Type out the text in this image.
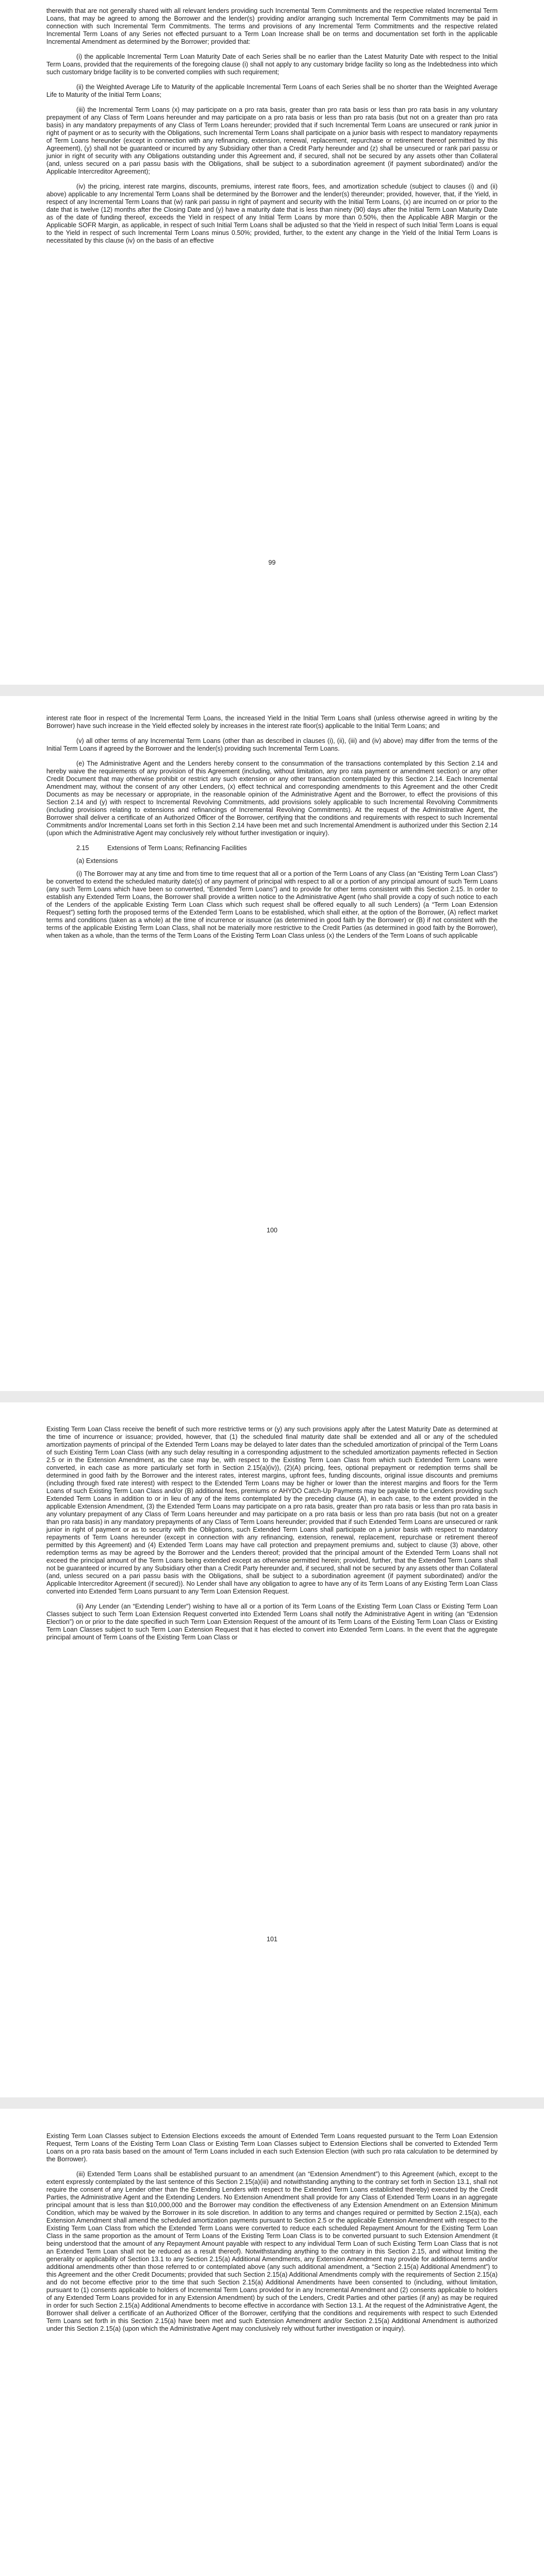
therewith that are not generally shared with all relevant lenders providing such Incremental Term Commitments and the respective related Incremental Term Loans, that may be agreed to among the Borrower and the lender(s) providing and/or arranging such Incremental Term Commitments may be paid in connection with such Incremental Term Commitments. The terms and provisions of any Incremental Term Commitments and the respective related Incremental Term Loans of any Series not effected pursuant to a Term Loan Increase shall be on terms and documentation set forth in the applicable Incremental Amendment as determined by the Borrower; provided that:

(i) the applicable Incremental Term Loan Maturity Date of each Series shall be no earlier than the Latest Maturity Date with respect to the Initial Term Loans, provided that the requirements of the foregoing clause (i) shall not apply to any customary bridge facility so long as the Indebtedness into which such customary bridge facility is to be converted complies with such requirement;

(ii) the Weighted Average Life to Maturity of the applicable Incremental Term Loans of each Series shall be no shorter than the Weighted Average Life to Maturity of the Initial Term Loans;

(iii) the Incremental Term Loans (x) may participate on a pro rata basis, greater than pro rata basis or less than pro rata basis in any voluntary prepayment of any Class of Term Loans hereunder and may participate on a pro rata basis or less than pro rata basis (but not on a greater than pro rata basis) in any mandatory prepayments of any Class of Term Loans hereunder; provided that if such Incremental Term Loans are unsecured or rank junior in right of payment or as to security with the Obligations, such Incremental Term Loans shall participate on a junior basis with respect to mandatory repayments of Term Loans hereunder (except in connection with any refinancing, extension, renewal, replacement, repurchase or retirement thereof permitted by this Agreement), (y) shall not be guaranteed or incurred by any Subsidiary other than a Credit Party hereunder and (z) shall be unsecured or rank pari passu or junior in right of security with any Obligations outstanding under this Agreement and, if secured, shall not be secured by any assets other than Collateral (and, unless secured on a pari passu basis with the Obligations, shall be subject to a subordination agreement (if payment subordinated) and/or the Applicable Intercreditor Agreement);

(iv) the pricing, interest rate margins, discounts, premiums, interest rate floors, fees, and amortization schedule (subject to clauses (i) and (ii) above) applicable to any Incremental Term Loans shall be determined by the Borrower and the lender(s) thereunder; provided, however, that, if the Yield, in respect of any Incremental Term Loans that (w) rank pari passu in right of payment and security with the Initial Term Loans, (x) are incurred on or prior to the date that is twelve (12) months after the Closing Date and (y) have a maturity date that is less than ninety (90) days after the Initial Term Loan Maturity Date as of the date of funding thereof, exceeds the Yield in respect of any Initial Term Loans by more than 0.50%, then the Applicable ABR Margin or the Applicable SOFR Margin, as applicable, in respect of such Initial Term Loans shall be adjusted so that the Yield in respect of such Initial Term Loans is equal to the Yield in respect of such Incremental Term Loans minus 0.50%; provided, further, to the extent any change in the Yield of the Initial Term Loans is necessitated by this clause (iv) on the basis of an effective

99

interest rate floor in respect of the Incremental Term Loans, the increased Yield in the Initial Term Loans shall (unless otherwise agreed in writing by the Borrower) have such increase in the Yield effected solely by increases in the interest rate floor(s) applicable to the Initial Term Loans; and

(v) all other terms of any Incremental Term Loans (other than as described in clauses (i), (ii), (iii) and (iv) above) may differ from the terms of the Initial Term Loans if agreed by the Borrower and the lender(s) providing such Incremental Term Loans.

(e) The Administrative Agent and the Lenders hereby consent to the consummation of the transactions contemplated by this Section 2.14 and hereby waive the requirements of any provision of this Agreement (including, without limitation, any pro rata payment or amendment section) or any other Credit Document that may otherwise prohibit or restrict any such extension or any other transaction contemplated by this Section 2.14. Each Incremental Amendment may, without the consent of any other Lenders, (x) effect technical and corresponding amendments to this Agreement and the other Credit Documents as may be necessary or appropriate, in the reasonable opinion of the Administrative Agent and the Borrower, to effect the provisions of this Section 2.14 and (y) with respect to Incremental Revolving Commitments, add provisions solely applicable to such Incremental Revolving Commitments (including provisions relating to extensions and refinancings of Incremental Revolving Commitments). At the request of the Administrative Agent, the Borrower shall deliver a certificate of an Authorized Officer of the Borrower, certifying that the conditions and requirements with respect to such Incremental Commitments and/or Incremental Loans set forth in this Section 2.14 have been met and such Incremental Amendment is authorized under this Section 2.14 (upon which the Administrative Agent may conclusively rely without further investigation or inquiry).

2.15	Extensions of Term Loans; Refinancing Facilities

(a) Extensions

(i) The Borrower may at any time and from time to time request that all or a portion of the Term Loans of any Class (an “Existing Term Loan Class”) be converted to extend the scheduled maturity date(s) of any payment of principal with respect to all or a portion of any principal amount of such Term Loans (any such Term Loans which have been so converted, “Extended Term Loans”) and to provide for other terms consistent with this Section 2.15. In order to establish any Extended Term Loans, the Borrower shall provide a written notice to the Administrative Agent (who shall provide a copy of such notice to each of the Lenders of the applicable Existing Term Loan Class which such request shall be offered equally to all such Lenders) (a “Term Loan Extension Request”) setting forth the proposed terms of the Extended Term Loans to be established, which shall either, at the option of the Borrower, (A) reflect market terms and conditions (taken as a whole) at the time of incurrence or issuance (as determined in good faith by the Borrower) or (B) if not consistent with the terms of the applicable Existing Term Loan Class, shall not be materially more restrictive to the Credit Parties (as determined in good faith by the Borrower), when taken as a whole, than the terms of the Term Loans of the Existing Term Loan Class unless (x) the Lenders of the Term Loans of such applicable

100

Existing Term Loan Class receive the benefit of such more restrictive terms or (y) any such provisions apply after the Latest Maturity Date as determined at the time of incurrence or issuance; provided, however, that (1) the scheduled final maturity date shall be extended and all or any of the scheduled amortization payments of principal of the Extended Term Loans may be delayed to later dates than the scheduled amortization of principal of the Term Loans of such Existing Term Loan Class (with any such delay resulting in a corresponding adjustment to the scheduled amortization payments reflected in Section 2.5 or in the Extension Amendment, as the case may be, with respect to the Existing Term Loan Class from which such Extended Term Loans were converted, in each case as more particularly set forth in Section 2.15(a)(iv)), (2)(A) pricing, fees, optional prepayment or redemption terms shall be determined in good faith by the Borrower and the interest rates, interest margins, upfront fees, funding discounts, original issue discounts and premiums (including through fixed rate interest) with respect to the Extended Term Loans may be higher or lower than the interest margins and floors for the Term Loans of such Existing Term Loan Class and/or (B) additional fees, premiums or AHYDO Catch-Up Payments may be payable to the Lenders providing such Extended Term Loans in addition to or in lieu of any of the items contemplated by the preceding clause (A), in each case, to the extent provided in the applicable Extension Amendment, (3) the Extended Term Loans may participate on a pro rata basis, greater than pro rata basis or less than pro rata basis in any voluntary prepayment of any Class of Term Loans hereunder and may participate on a pro rata basis or less than pro rata basis (but not on a greater than pro rata basis) in any mandatory prepayments of any Class of Term Loans hereunder; provided that if such Extended Term Loans are unsecured or rank junior in right of payment or as to security with the Obligations, such Extended Term Loans shall participate on a junior basis with respect to mandatory repayments of Term Loans hereunder (except in connection with any refinancing, extension, renewal, replacement, repurchase or retirement thereof permitted by this Agreement) and (4) Extended Term Loans may have call protection and prepayment premiums and, subject to clause (3) above, other redemption terms as may be agreed by the Borrower and the Lenders thereof; provided that the principal amount of the Extended Term Loans shall not exceed the principal amount of the Term Loans being extended except as otherwise permitted herein; provided, further, that the Extended Term Loans shall not be guaranteed or incurred by any Subsidiary other than a Credit Party hereunder and, if secured, shall not be secured by any assets other than Collateral (and, unless secured on a pari passu basis with the Obligations, shall be subject to a subordination agreement (if payment subordinated) and/or the Applicable Intercreditor Agreement (if secured)). No Lender shall have any obligation to agree to have any of its Term Loans of any Existing Term Loan Class converted into Extended Term Loans pursuant to any Term Loan Extension Request.

(ii) Any Lender (an “Extending Lender”) wishing to have all or a portion of its Term Loans of the Existing Term Loan Class or Existing Term Loan Classes subject to such Term Loan Extension Request converted into Extended Term Loans shall notify the Administrative Agent in writing (an “Extension Election”) on or prior to the date specified in such Term Loan Extension Request of the amount of its Term Loans of the Existing Term Loan Class or Existing Term Loan Classes subject to such Term Loan Extension Request that it has elected to convert into Extended Term Loans. In the event that the aggregate principal amount of Term Loans of the Existing Term Loan Class or

101

Existing Term Loan Classes subject to Extension Elections exceeds the amount of Extended Term Loans requested pursuant to the Term Loan Extension Request, Term Loans of the Existing Term Loan Class or Existing Term Loan Classes subject to Extension Elections shall be converted to Extended Term Loans on a pro rata basis based on the amount of Term Loans included in each such Extension Election (with such pro rata calculation to be determined by the Borrower).

(iii) Extended Term Loans shall be established pursuant to an amendment (an “Extension Amendment”) to this Agreement (which, except to the extent expressly contemplated by the last sentence of this Section 2.15(a)(iii) and notwithstanding anything to the contrary set forth in Section 13.1, shall not require the consent of any Lender other than the Extending Lenders with respect to the Extended Term Loans established thereby) executed by the Credit Parties, the Administrative Agent and the Extending Lenders. No Extension Amendment shall provide for any Class of Extended Term Loans in an aggregate principal amount that is less than $10,000,000 and the Borrower may condition the effectiveness of any Extension Amendment on an Extension Minimum Condition, which may be waived by the Borrower in its sole discretion. In addition to any terms and changes required or permitted by Section 2.15(a), each Extension Amendment shall amend the scheduled amortization payments pursuant to Section 2.5 or the applicable Extension Amendment with respect to the Existing Term Loan Class from which the Extended Term Loans were converted to reduce each scheduled Repayment Amount for the Existing Term Loan Class in the same proportion as the amount of Term Loans of the Existing Term Loan Class is to be converted pursuant to such Extension Amendment (it being understood that the amount of any Repayment Amount payable with respect to any individual Term Loan of such Existing Term Loan Class that is not an Extended Term Loan shall not be reduced as a result thereof). Notwithstanding anything to the contrary in this Section 2.15, and without limiting the generality or applicability of Section 13.1 to any Section 2.15(a) Additional Amendments, any Extension Amendment may provide for additional terms and/or additional amendments other than those referred to or contemplated above (any such additional amendment, a “Section 2.15(a) Additional Amendment”) to this Agreement and the other Credit Documents; provided that such Section 2.15(a) Additional Amendments comply with the requirements of Section 2.15(a) and do not become effective prior to the time that such Section 2.15(a) Additional Amendments have been consented to (including, without limitation, pursuant to (1) consents applicable to holders of Incremental Term Loans provided for in any Incremental Amendment and (2) consents applicable to holders of any Extended Term Loans provided for in any Extension Amendment) by such of the Lenders, Credit Parties and other parties (if any) as may be required in order for such Section 2.15(a) Additional Amendments to become effective in accordance with Section 13.1. At the request of the Administrative Agent, the Borrower shall deliver a certificate of an Authorized Officer of the Borrower, certifying that the conditions and requirements with respect to such Extended Term Loans set forth in this Section 2.15(a) have been met and such Extension Amendment and/or Section 2.15(a) Additional Amendment is authorized under this Section 2.15(a) (upon which the Administrative Agent may conclusively rely without further investigation or inquiry).
